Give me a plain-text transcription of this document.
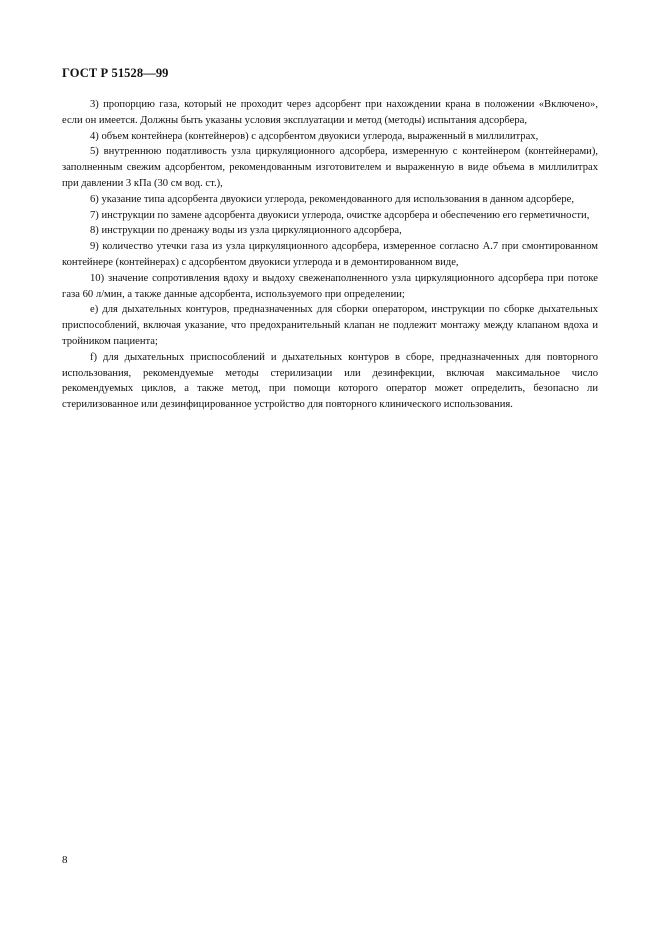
ГОСТ Р 51528—99

3) пропорцию газа, который не проходит через адсорбент при нахождении крана в положении «Включено», если он имеется. Должны быть указаны условия эксплуатации и метод (методы) испытания адсорбера,

4) объем контейнера (контейнеров) с адсорбентом двуокиси углерода, выраженный в миллилитрах,

5) внутреннюю податливость узла циркуляционного адсорбера, измеренную с контейнером (контейнерами), заполненным свежим адсорбентом, рекомендованным изготовителем и выраженную в виде объема в миллилитрах при давлении 3 кПа (30 см вод. ст.),

6) указание типа адсорбента двуокиси углерода, рекомендованного для использования в данном адсорбере,

7) инструкции по замене адсорбента двуокиси углерода, очистке адсорбера и обеспечению его герметичности,

8) инструкции по дренажу воды из узла циркуляционного адсорбера,

9) количество утечки газа из узла циркуляционного адсорбера, измеренное согласно А.7 при смонтированном контейнере (контейнерах) с адсорбентом двуокиси углерода и в демонтированном виде,

10) значение сопротивления вдоху и выдоху свеженаполненного узла циркуляционного адсорбера при потоке газа 60 л/мин, а также данные адсорбента, используемого при определении;

е) для дыхательных контуров, предназначенных для сборки оператором, инструкции по сборке дыхательных приспособлений, включая указание, что предохранительный клапан не подлежит монтажу между клапаном вдоха и тройником пациента;

f) для дыхательных приспособлений и дыхательных контуров в сборе, предназначенных для повторного использования, рекомендуемые методы стерилизации или дезинфекции, включая максимальное число рекомендуемых циклов, а также метод, при помощи которого оператор может определить, безопасно ли стерилизованное или дезинфицированное устройство для повторного клинического использования.

8
